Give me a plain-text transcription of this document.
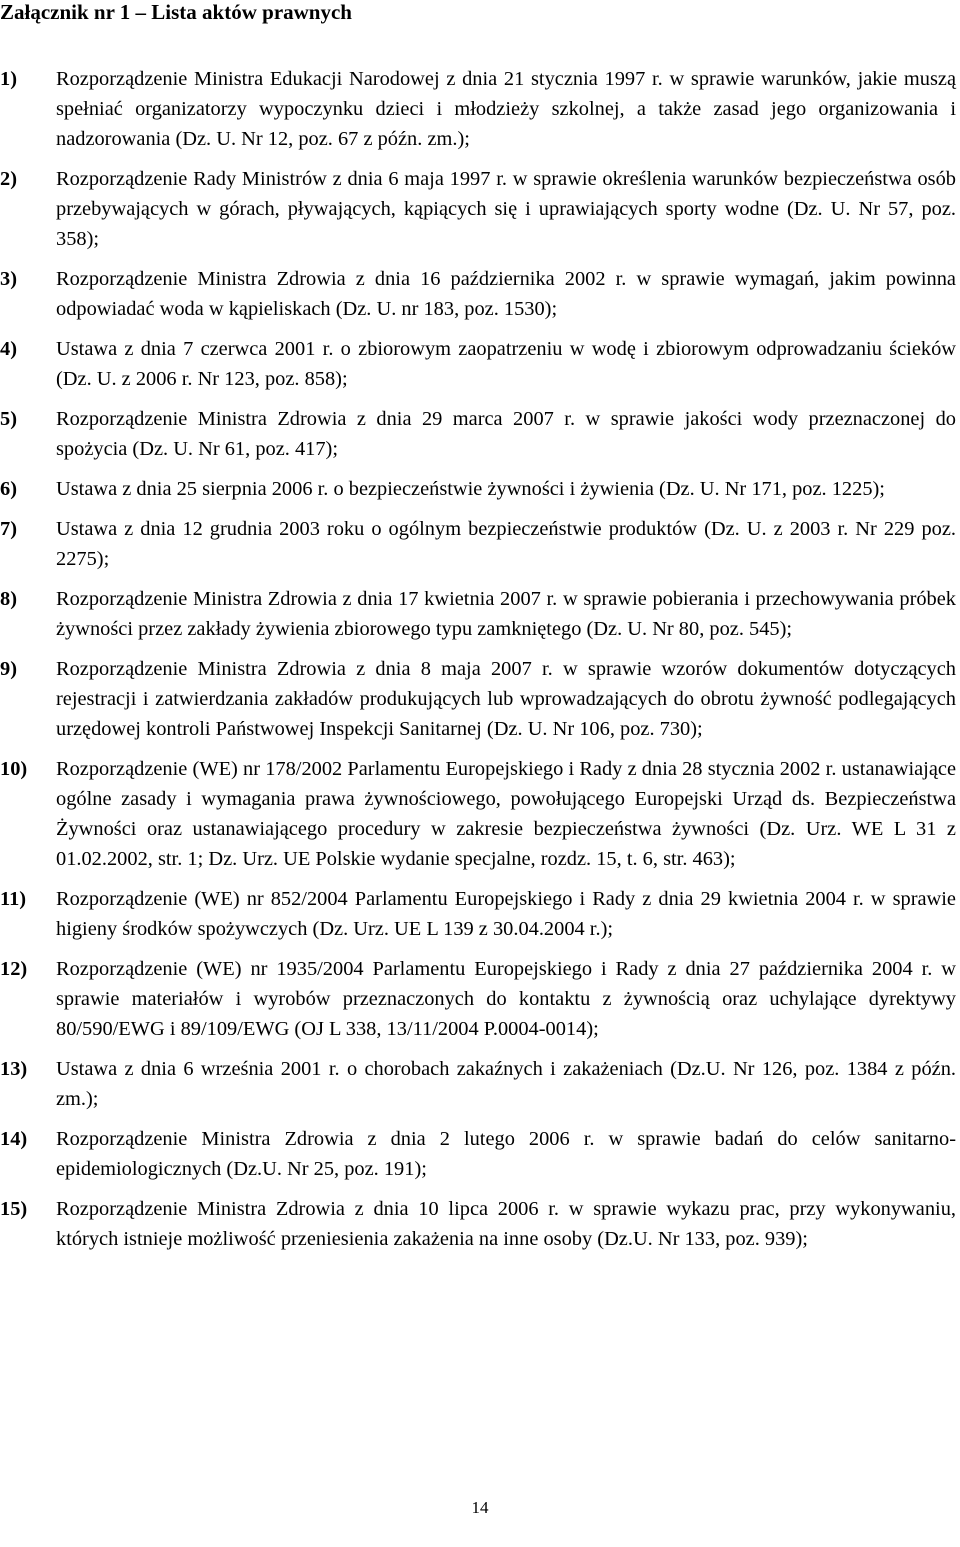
Załącznik nr 1 – Lista aktów prawnych
1)	Rozporządzenie Ministra Edukacji Narodowej z dnia 21 stycznia 1997 r. w sprawie warunków, jakie muszą spełniać organizatorzy wypoczynku dzieci i młodzieży szkolnej, a także zasad jego organizowania i nadzorowania (Dz. U. Nr 12, poz. 67 z późn. zm.);
2)	Rozporządzenie Rady Ministrów z dnia 6 maja 1997 r. w sprawie określenia warunków bezpieczeństwa osób przebywających w górach, pływających, kąpiących się i uprawiających sporty wodne (Dz. U. Nr 57, poz. 358);
3)	Rozporządzenie Ministra Zdrowia z dnia 16 października 2002 r. w sprawie wymagań, jakim powinna odpowiadać woda w kąpieliskach (Dz. U. nr 183, poz. 1530);
4)	Ustawa z dnia 7 czerwca 2001 r. o zbiorowym zaopatrzeniu w wodę i zbiorowym odprowadzaniu ścieków (Dz. U. z 2006 r. Nr 123, poz. 858);
5)	Rozporządzenie Ministra Zdrowia z dnia 29 marca 2007 r. w sprawie jakości wody przeznaczonej do spożycia (Dz. U. Nr 61, poz. 417);
6)	Ustawa z dnia 25 sierpnia 2006 r. o bezpieczeństwie żywności i żywienia (Dz. U. Nr 171, poz. 1225);
7)	Ustawa z dnia 12 grudnia 2003 roku o ogólnym bezpieczeństwie produktów (Dz. U. z 2003 r. Nr 229 poz. 2275);
8)	Rozporządzenie Ministra Zdrowia z dnia 17 kwietnia 2007 r. w sprawie pobierania i przechowywania próbek żywności przez zakłady żywienia zbiorowego typu zamkniętego (Dz. U. Nr 80, poz. 545);
9)	Rozporządzenie Ministra Zdrowia z dnia 8 maja 2007 r. w sprawie wzorów dokumentów dotyczących rejestracji i zatwierdzania zakładów produkujących lub wprowadzających do obrotu żywność podlegających urzędowej kontroli Państwowej Inspekcji Sanitarnej (Dz. U. Nr 106, poz. 730);
10)	Rozporządzenie (WE) nr 178/2002 Parlamentu Europejskiego i Rady z dnia 28 stycznia 2002 r. ustanawiające ogólne zasady i wymagania prawa żywnościowego, powołującego Europejski Urząd ds. Bezpieczeństwa Żywności oraz ustanawiającego procedury w zakresie bezpieczeństwa żywności (Dz. Urz. WE L 31 z 01.02.2002, str. 1; Dz. Urz. UE Polskie wydanie specjalne, rozdz. 15, t. 6, str. 463);
11)	Rozporządzenie (WE) nr 852/2004 Parlamentu Europejskiego i Rady z dnia 29 kwietnia 2004 r. w sprawie higieny środków spożywczych (Dz. Urz. UE L 139 z 30.04.2004 r.);
12)	Rozporządzenie (WE) nr 1935/2004 Parlamentu Europejskiego i Rady z dnia 27 października 2004 r. w sprawie materiałów i wyrobów przeznaczonych do kontaktu z żywnością oraz uchylające dyrektywy 80/590/EWG i 89/109/EWG (OJ L 338, 13/11/2004 P.0004-0014);
13)	Ustawa z dnia 6 września 2001 r. o chorobach zakaźnych i zakażeniach (Dz.U. Nr 126, poz. 1384 z późn. zm.);
14)	Rozporządzenie Ministra Zdrowia z dnia 2 lutego 2006 r. w sprawie badań do celów sanitarno-epidemiologicznych (Dz.U. Nr 25, poz. 191);
15)	Rozporządzenie Ministra Zdrowia z dnia 10 lipca 2006 r. w sprawie wykazu prac, przy wykonywaniu, których istnieje możliwość przeniesienia zakażenia na inne osoby (Dz.U. Nr 133, poz. 939);
14
